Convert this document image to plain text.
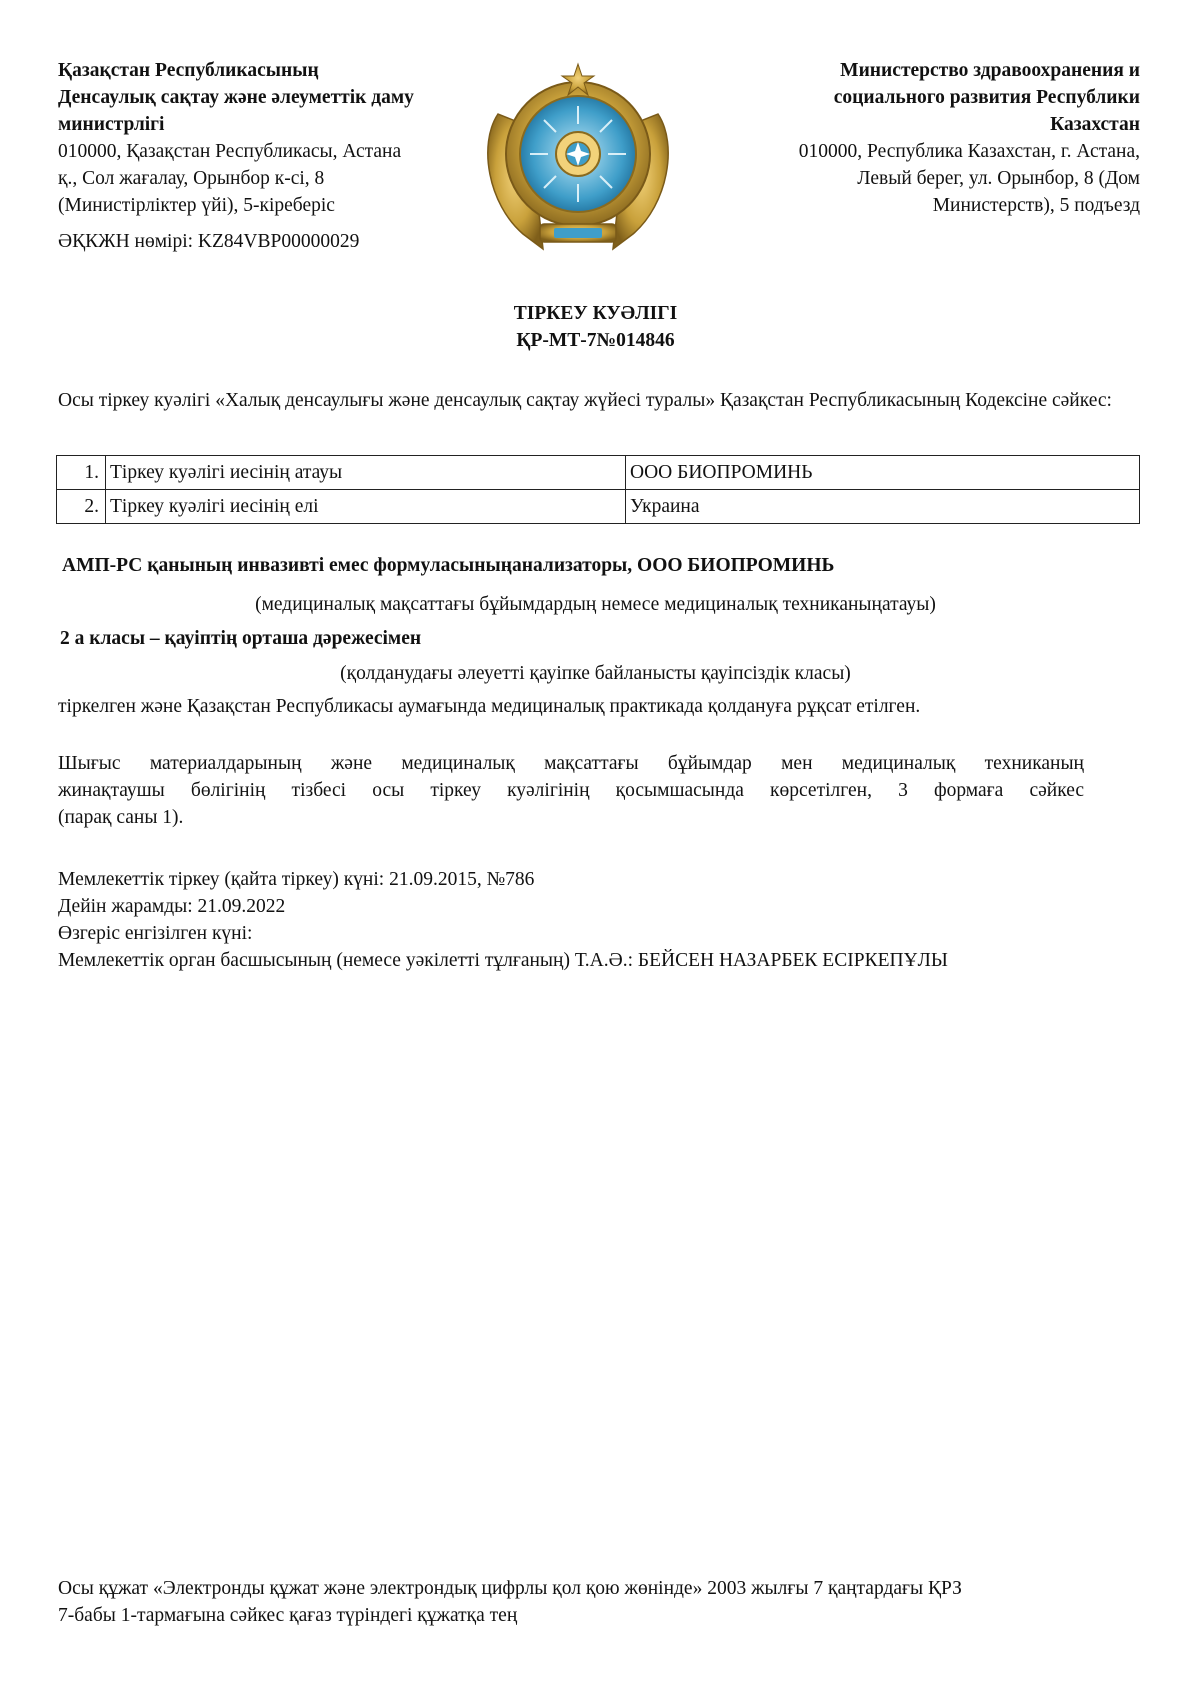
Қазақстан Республикасының
Денсаулық сақтау және әлеуметтік даму
министрлігі
010000, Қазақстан Республикасы, Астана
қ., Сол жағалау, Орынбор к-сі, 8
(Министірліктер үйі), 5-кіреберіс
ӘҚКЖН нөмірі: KZ84VBP00000029
Министерство здравоохранения и
социального развития Республики
Казахстан
010000, Республика Казахстан, г. Астана,
Левый берег, ул. Орынбор, 8 (Дом
Министерств), 5 подъезд
ТІРКЕУ КУӘЛІГІ
ҚР-МТ-7№014846
Осы тіркеу куәлігі «Халық денсаулығы және денсаулық сақтау жүйесі туралы» Қазақстан Республикасының Кодексіне сәйкес:
1.	Тіркеу куәлігі иесінің атауы	ООО БИОПРОМИНЬ
2.	Тіркеу куәлігі иесінің елі	Украина
АМП-РС қанының инвазивті емес формуласыныңанализаторы, ООО БИОПРОМИНЬ
(медициналық мақсаттағы бұйымдардың немесе медициналық техниканыңатауы)
2 а класы – қауіптің орташа дәрежесімен
(қолданудағы әлеуетті қауіпке байланысты қауіпсіздік класы)
тіркелген және Қазақстан Республикасы аумағында медициналық практикада қолдануға рұқсат етілген.
Шығыс материалдарының және медициналық мақсаттағы бұйымдар мен медициналық техниканың
жинақтаушы бөлігінің тізбесі осы тіркеу куәлігінің қосымшасында көрсетілген, 3 формаға сәйкес
(парақ саны 1).
Мемлекеттік тіркеу (қайта тіркеу) күні: 21.09.2015, №786
Дейін жарамды: 21.09.2022
Өзгеріс енгізілген күні:
Мемлекеттік орган басшысының (немесе уәкілетті тұлғаның) Т.А.Ә.: БЕЙСЕН НАЗАРБЕК ЕСІРКЕПҰЛЫ
Осы құжат «Электронды құжат және электрондық цифрлы қол қою жөнінде» 2003 жылғы 7 қаңтардағы ҚРЗ
7-бабы 1-тармағына сәйкес қағаз түріндегі құжатқа тең
